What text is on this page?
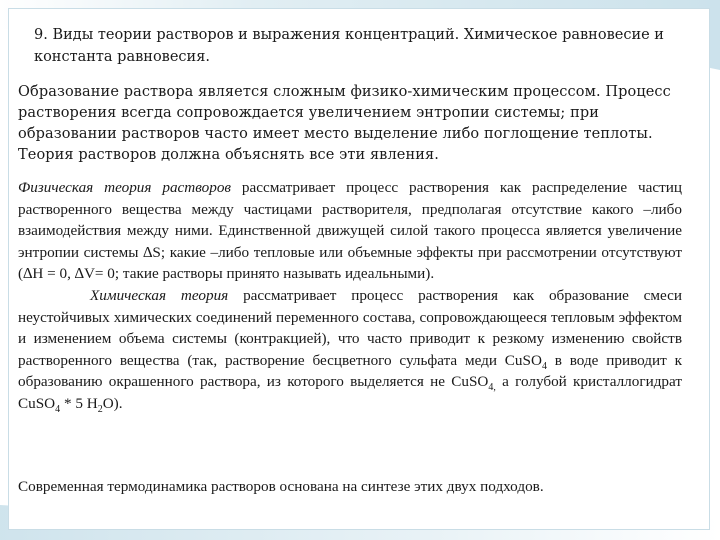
9. Виды теории растворов и выражения концентраций. Химическое равновесие и константа равновесия.
Образование раствора является сложным физико-химическим процессом. Процесс растворения всегда сопровождается увеличением энтропии системы; при образовании растворов часто имеет место выделение либо поглощение теплоты. Теория растворов должна объяснять все эти явления.

Физическая теория растворов рассматривает процесс растворения как распределение частиц растворенного вещества между частицами растворителя, предполагая отсутствие какого –либо взаимодействия между ними. Единственной движущей силой такого процесса является увеличение энтропии системы ∆S; какие –либо тепловые или объемные эффекты при рассмотрении отсутствуют (∆H = 0, ∆V= 0; такие растворы принято называть идеальными).

Химическая теория рассматривает процесс растворения как образование смеси неустойчивых химических соединений переменного состава, сопровождающееся тепловым эффектом и изменением объема системы (контракцией), что часто приводит к резкому изменению свойств растворенного вещества (так, растворение бесцветного сульфата меди CuSO$_4$ в воде приводит к образованию окрашенного раствора, из которого выделяется не CuSO$_{4,}$ а голубой кристаллогидрат CuSO$_4$ * 5 $H_2O$).

Современная термодинамика растворов основана на синтезе этих двух подходов.
